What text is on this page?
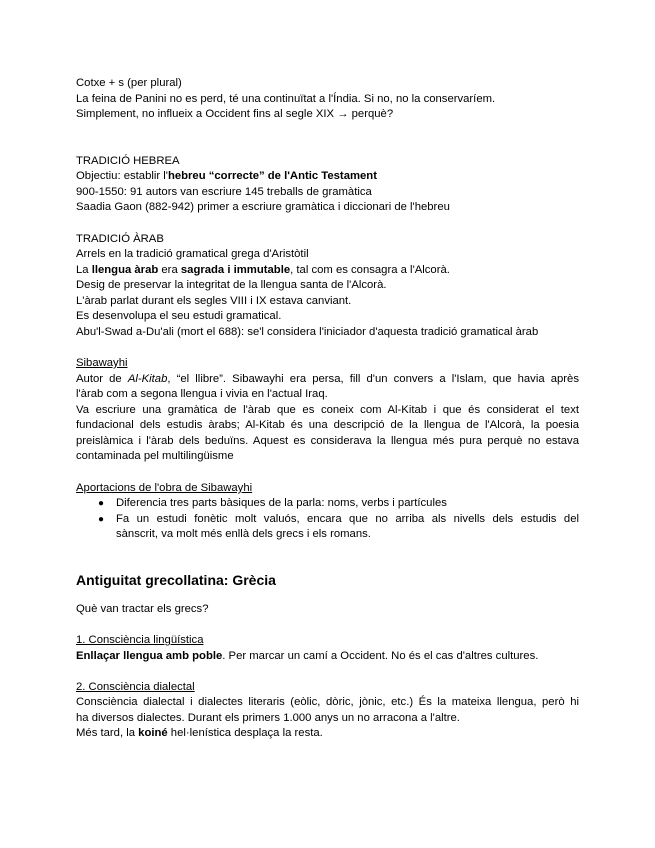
Cotxe + s (per plural)
La feina de Panini no es perd, té una continuïtat a l'Índia. Si no, no la conservaríem.
Simplement, no influeix a Occident fins al segle XIX → perquè?
TRADICIÓ HEBREA
Objectiu: establir l'hebreu “correcte” de l'Antic Testament
900-1550: 91 autors van escriure 145 treballs de gramàtica
Saadia Gaon (882-942) primer a escriure gramàtica i diccionari de l'hebreu
TRADICIÓ ÀRAB
Arrels en la tradició gramatical grega d'Aristòtil
La llengua àrab era sagrada i immutable, tal com es consagra a l'Alcorà.
Desig de preservar la integritat de la llengua santa de l'Alcorà.
L'àrab parlat durant els segles VIII i IX estava canviant.
Es desenvolupa el seu estudi gramatical.
Abu'l-Swad a-Du'ali (mort el 688): se'l considera l'iniciador d'aquesta tradició gramatical àrab
Sibawayhi
Autor de Al-Kitab, “el llibre”. Sibawayhi era persa, fill d'un convers a l'Islam, que havia après
l'àrab com a segona llengua i vivia en l'actual Iraq.
Va escriure una gramàtica de l'àrab que es coneix com Al-Kitab i que és considerat el text
fundacional dels estudis àrabs; Al-Kitab és una descripció de la llengua de l'Alcorà, la poesia
preislàmica i l'àrab dels beduïns. Aquest es considerava la llengua més pura perquè no estava
contaminada pel multilingüisme
Aportacions de l'obra de Sibawayhi
● Diferencia tres parts bàsiques de la parla: noms, verbs i partícules
● Fa un estudi fonètic molt valuós, encara que no arriba als nivells dels estudis del
sànscrit, va molt més enllà dels grecs i els romans.
Antiguitat grecollatina: Grècia
Què van tractar els grecs?
1. Consciència lingüística
Enllaçar llengua amb poble. Per marcar un camí a Occident. No és el cas d'altres cultures.
2. Consciència dialectal
Consciència dialectal i dialectes literaris (eòlic, dòric, jònic, etc.) És la mateixa llengua, però hi
ha diversos dialectes. Durant els primers 1.000 anys un no arracona a l'altre.
Més tard, la koiné hel·lenística desplaça la resta.
